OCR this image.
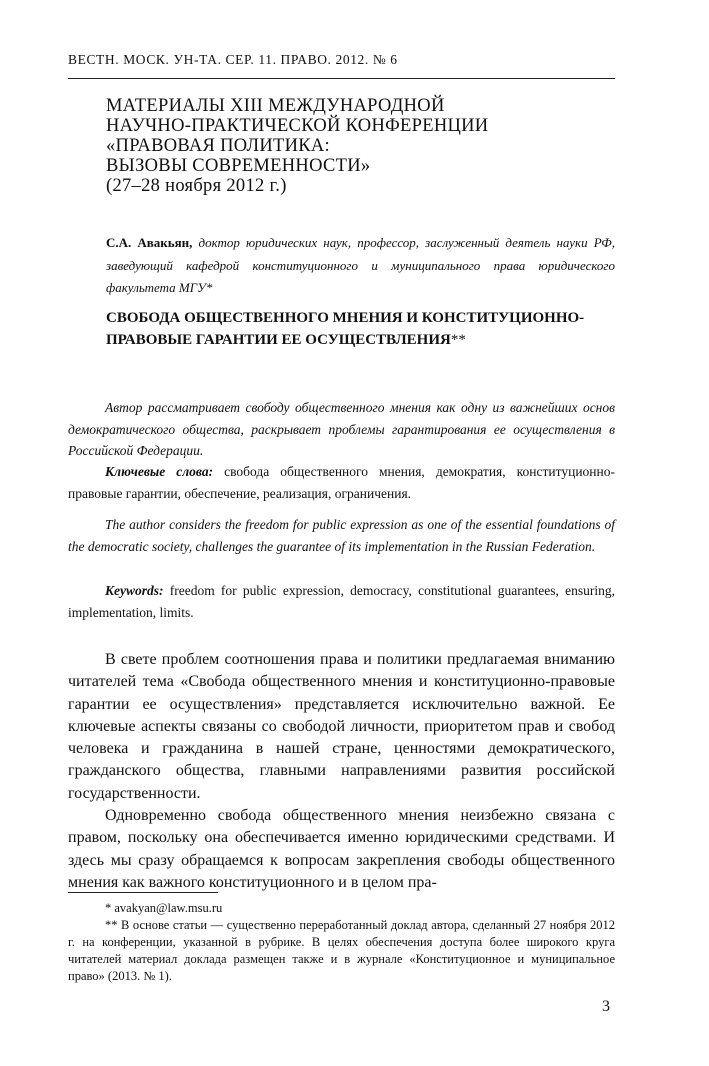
ВЕСТН. МОСК. УН-ТА. СЕР. 11. ПРАВО. 2012. № 6
МАТЕРИАЛЫ XIII МЕЖДУНАРОДНОЙ
НАУЧНО-ПРАКТИЧЕСКОЙ КОНФЕРЕНЦИИ
«ПРАВОВАЯ ПОЛИТИКА:
ВЫЗОВЫ СОВРЕМЕННОСТИ»
(27–28 ноября 2012 г.)
С.А. Авакьян, доктор юридических наук, профессор, заслуженный деятель науки РФ, заведующий кафедрой конституционного и муниципального права юридического факультета МГУ*
СВОБОДА ОБЩЕСТВЕННОГО МНЕНИЯ И КОНСТИТУЦИОННО-ПРАВОВЫЕ ГАРАНТИИ ЕЕ ОСУЩЕСТВЛЕНИЯ**
Автор рассматривает свободу общественного мнения как одну из важнейших основ демократического общества, раскрывает проблемы гарантирования ее осуществления в Российской Федерации.
Ключевые слова: свобода общественного мнения, демократия, конституционно-правовые гарантии, обеспечение, реализация, ограничения.
The author considers the freedom for public expression as one of the essential foundations of the democratic society, challenges the guarantee of its implementation in the Russian Federation.
Keywords: freedom for public expression, democracy, constitutional guarantees, ensuring, implementation, limits.

В свете проблем соотношения права и политики предлагаемая вниманию читателей тема «Свобода общественного мнения и конституционно-правовые гарантии ее осуществления» представляется исключительно важной. Ее ключевые аспекты связаны со свободой личности, приоритетом прав и свобод человека и гражданина в нашей стране, ценностями демократического, гражданского общества, главными направлениями развития российской государственности.

Одновременно свобода общественного мнения неизбежно связана с правом, поскольку она обеспечивается именно юридическими средствами. И здесь мы сразу обращаемся к вопросам закрепления свободы общественного мнения как важного конституционного и в целом пра-

* avakyan@law.msu.ru

** В основе статьи — существенно переработанный доклад автора, сделанный 27 ноября 2012 г. на конференции, указанной в рубрике. В целях обеспечения доступа более широкого круга читателей материал доклада размещен также и в журнале «Конституционное и муниципальное право» (2013. № 1).

3
